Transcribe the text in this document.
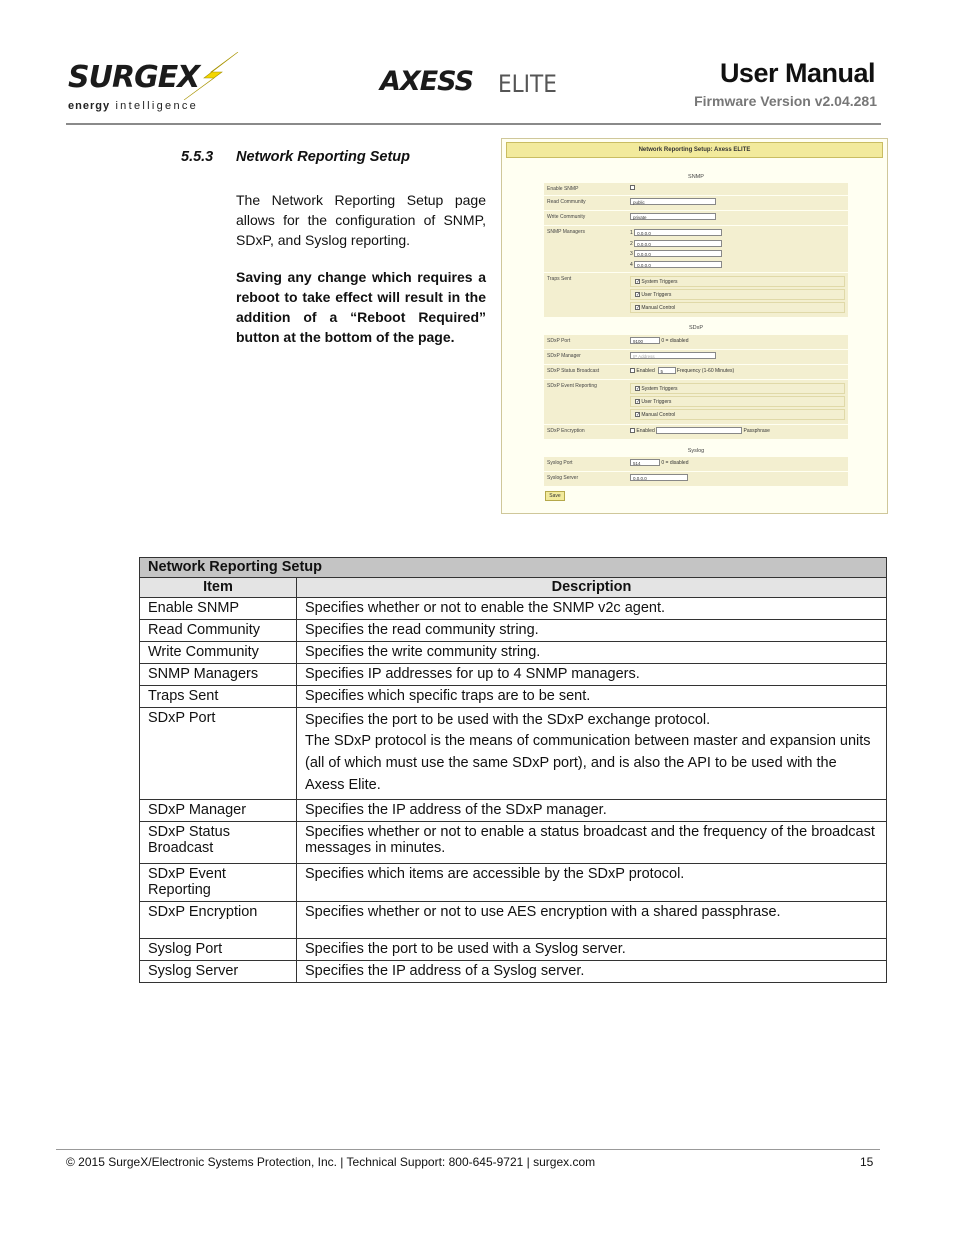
SURGEX
energy intelligence
AXESS ELITE	User Manual
Firmware Version v2.04.281
5.5.3 Network Reporting Setup
The Network Reporting Setup page allows for the configuration of SNMP, SDxP, and Syslog reporting.
Saving any change which requires a reboot to take effect will result in the addition of a “Reboot Required” button at the bottom of the page.
Network Reporting Setup: Axess ELITE
SNMP
Enable SNMP
Read Community	public
Write Community	private
SNMP Managers	1 0.0.0.0
2 0.0.0.0
3 0.0.0.0
4 0.0.0.0
Traps Sent
✓ System Triggers
✓ User Triggers
✓ Manual Control
SDxP
SDxP Port	9100	0 = disabled
SDxP Manager	IP Address
SDxP Status Broadcast	Enabled 5	Frequency (1-60 Minutes)
SDxP Event Reporting
✓ System Triggers
✓ User Triggers
✓ Manual Control
SDxP Encryption	Enabled	Passphrase
Syslog
Syslog Port	514	0 = disabled
Syslog Server	0.0.0.0
Save
Network Reporting Setup	
Item	Description
Enable SNMP	Specifies whether or not to enable the SNMP v2c agent.
Read Community	Specifies the read community string.
Write Community	Specifies the write community string.
SNMP Managers	Specifies IP addresses for up to 4 SNMP managers.
Traps Sent	Specifies which specific traps are to be sent.
SDxP Port	Specifies the port to be used with the SDxP exchange protocol.

The SDxP protocol is the means of communication between master and expansion units (all of which must use the same SDxP port), and is also the API to be used with the Axess Elite.

SDxP Manager	Specifies the IP address of the SDxP manager.
SDxP Status Broadcast	Specifies whether or not to enable a status broadcast and the frequency of the broadcast messages in minutes.
SDxP Event Reporting	Specifies which items are accessible by the SDxP protocol.
SDxP Encryption	Specifies whether or not to use AES encryption with a shared passphrase.
Syslog Port	Specifies the port to be used with a Syslog server.
Syslog Server	Specifies the IP address of a Syslog server.
© 2015 SurgeX/Electronic Systems Protection, Inc. | Technical Support: 800-645-9721 | surgex.com	15
